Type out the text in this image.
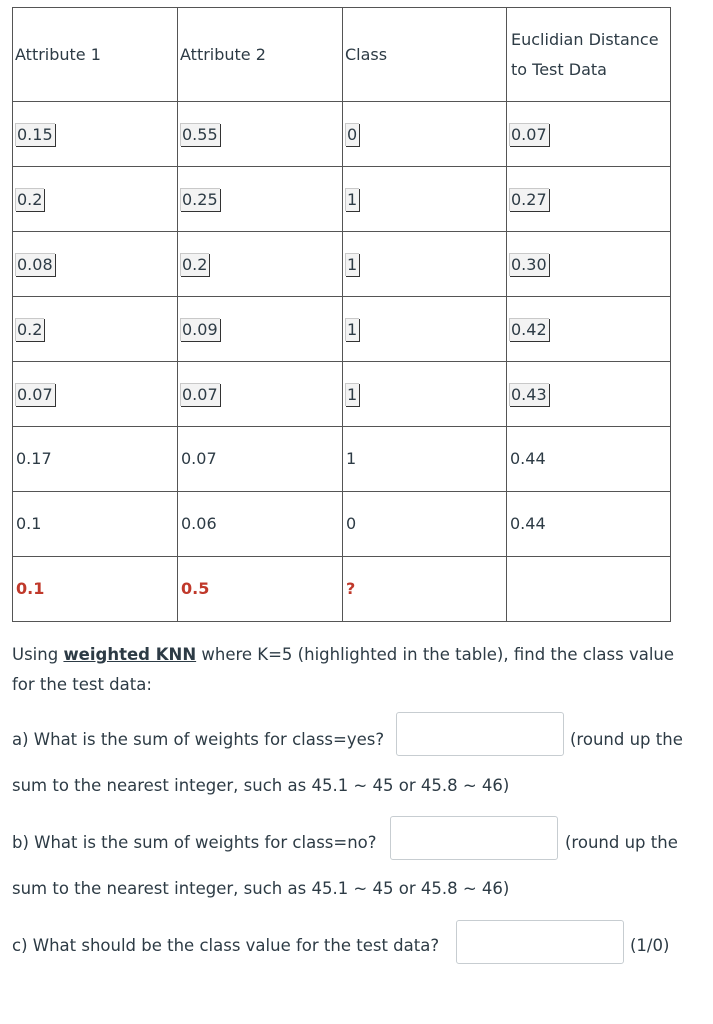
Attribute 1	Attribute 2	Class	Euclidian Distance
to Test Data

0.15	0.55	0	0.07
0.2	0.25	1	0.27
0.08	0.2	1	0.30
0.2	0.09	1	0.42
0.07	0.07	1	0.43
0.17	0.07	1	0.44
0.1	0.06	0	0.44
0.1	0.5	?	
Using weighted KNN where K=5 (highlighted in the table), find the class value for the test data:
a) What is the sum of weights for class=yes?	(round up the
sum to the nearest integer, such as 45.1 ~ 45 or 45.8 ~ 46)
b) What is the sum of weights for class=no?	(round up the
sum to the nearest integer, such as 45.1 ~ 45 or 45.8 ~ 46)
c) What should be the class value for the test data?	(1/0)
